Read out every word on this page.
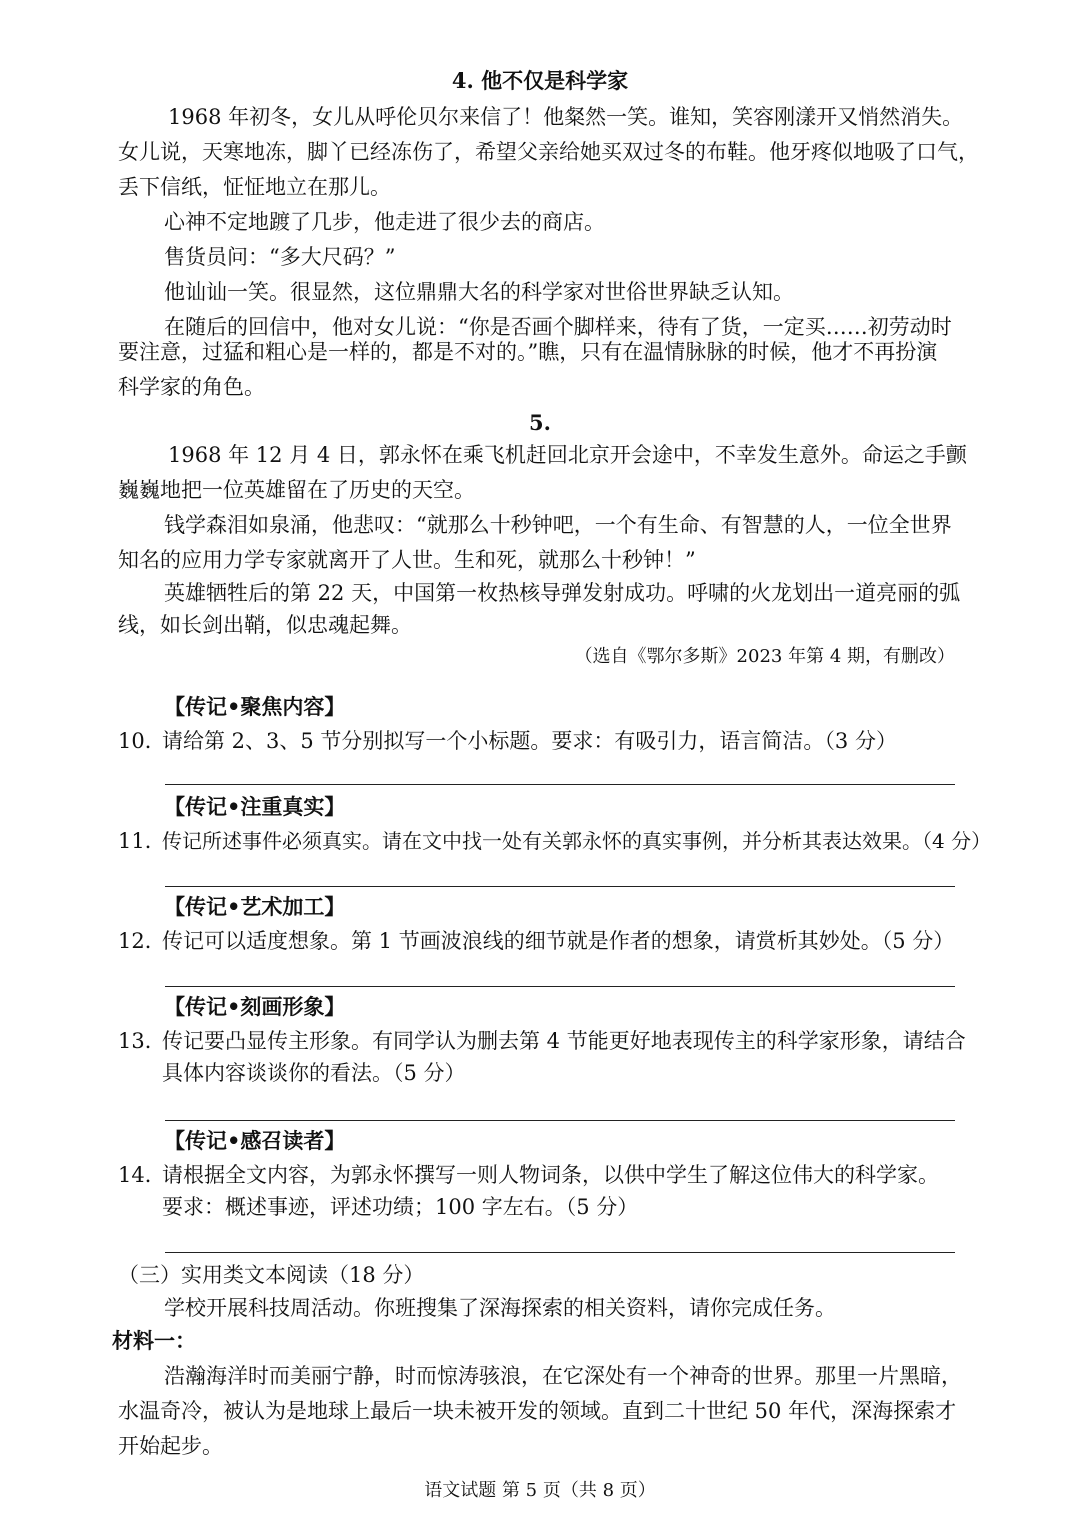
4. 他不仅是科学家
1968 年初冬，女儿从呼伦贝尔来信了！他粲然一笑。谁知，笑容刚漾开又悄然消失。
女儿说，天寒地冻，脚丫已经冻伤了，希望父亲给她买双过冬的布鞋。他牙疼似地吸了口气，
丢下信纸，怔怔地立在那儿。
心神不定地踱了几步，他走进了很少去的商店。
售货员问：“多大尺码？”
他讪讪一笑。很显然，这位鼎鼎大名的科学家对世俗世界缺乏认知。
在随后的回信中，他对女儿说：“你是否画个脚样来，待有了货，一定买……初劳动时
要注意，过猛和粗心是一样的，都是不对的。”瞧，只有在温情脉脉的时候，他才不再扮演
科学家的角色。
5.
1968 年 12 月 4 日，郭永怀在乘飞机赶回北京开会途中，不幸发生意外。命运之手颤
巍巍地把一位英雄留在了历史的天空。
钱学森泪如泉涌，他悲叹：“就那么十秒钟吧，一个有生命、有智慧的人，一位全世界
知名的应用力学专家就离开了人世。生和死，就那么十秒钟！”
英雄牺牲后的第 22 天，中国第一枚热核导弹发射成功。呼啸的火龙划出一道亮丽的弧
线，如长剑出鞘，似忠魂起舞。
（选自《鄂尔多斯》2023 年第 4 期，有删改）
【传记•聚焦内容】
10．
请给第 2、3、5 节分别拟写一个小标题。要求：有吸引力，语言简洁。（3 分）
【传记•注重真实】
11．
传记所述事件必须真实。请在文中找一处有关郭永怀的真实事例，并分析其表达效果。（4 分）
【传记•艺术加工】
12．
传记可以适度想象。第 1 节画波浪线的细节就是作者的想象，请赏析其妙处。（5 分）
【传记•刻画形象】
13．
传记要凸显传主形象。有同学认为删去第 4 节能更好地表现传主的科学家形象，请结合
具体内容谈谈你的看法。（5 分）
【传记•感召读者】
14．
请根据全文内容，为郭永怀撰写一则人物词条，以供中学生了解这位伟大的科学家。
要求：概述事迹，评述功绩；100 字左右。（5 分）
（三）实用类文本阅读（18 分）
学校开展科技周活动。你班搜集了深海探索的相关资料，请你完成任务。
材料一：
浩瀚海洋时而美丽宁静，时而惊涛骇浪，在它深处有一个神奇的世界。那里一片黑暗，
水温奇冷，被认为是地球上最后一块未被开发的领域。直到二十世纪 50 年代，深海探索才
开始起步。
语文试题 第 5 页（共 8 页）
